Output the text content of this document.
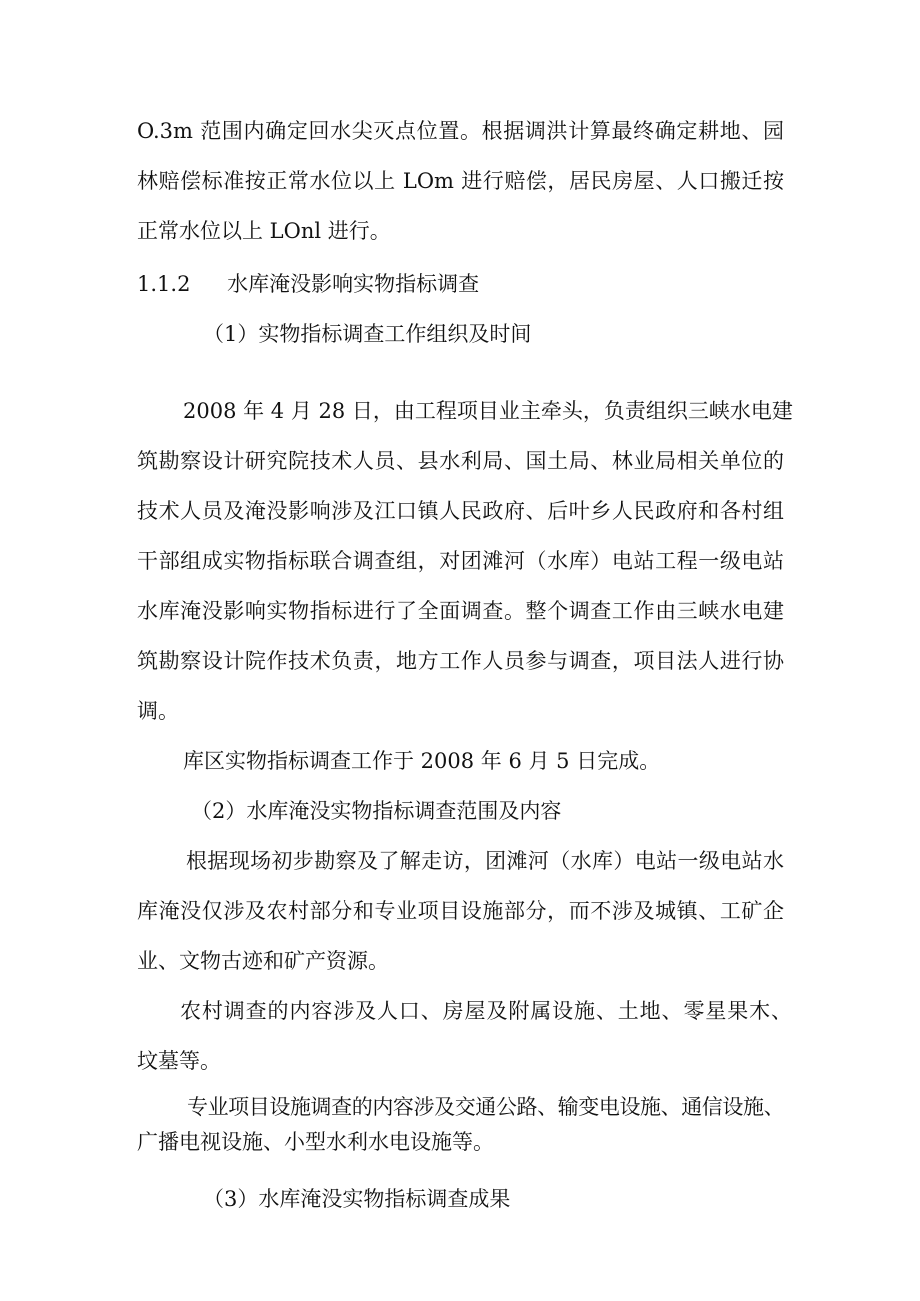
O.3m 范围内确定回水尖灭点位置。根据调洪计算最终确定耕地、园
林赔偿标准按正常水位以上 LOm 进行赔偿，居民房屋、人口搬迁按
正常水位以上 LOnl 进行。
1.1.2 水库淹没影响实物指标调查
（1）实物指标调查工作组织及时间
2008 年 4 月 28 日，由工程项目业主牵头，负责组织三峡水电建
筑勘察设计研究院技术人员、县水利局、国土局、林业局相关单位的
技术人员及淹没影响涉及江口镇人民政府、后叶乡人民政府和各村组
干部组成实物指标联合调查组，对团滩河（水库）电站工程一级电站
水库淹没影响实物指标进行了全面调查。整个调查工作由三峡水电建
筑勘察设计院作技术负责，地方工作人员参与调查，项目法人进行协
调。
库区实物指标调查工作于 2008 年 6 月 5 日完成。
（2）水库淹没实物指标调查范围及内容
根据现场初步勘察及了解走访，团滩河（水库）电站一级电站水
库淹没仅涉及农村部分和专业项目设施部分，而不涉及城镇、工矿企
业、文物古迹和矿产资源。
农村调查的内容涉及人口、房屋及附属设施、土地、零星果木、
坟墓等。
专业项目设施调查的内容涉及交通公路、输变电设施、通信设施、
广播电视设施、小型水利水电设施等。
（3）水库淹没实物指标调查成果
